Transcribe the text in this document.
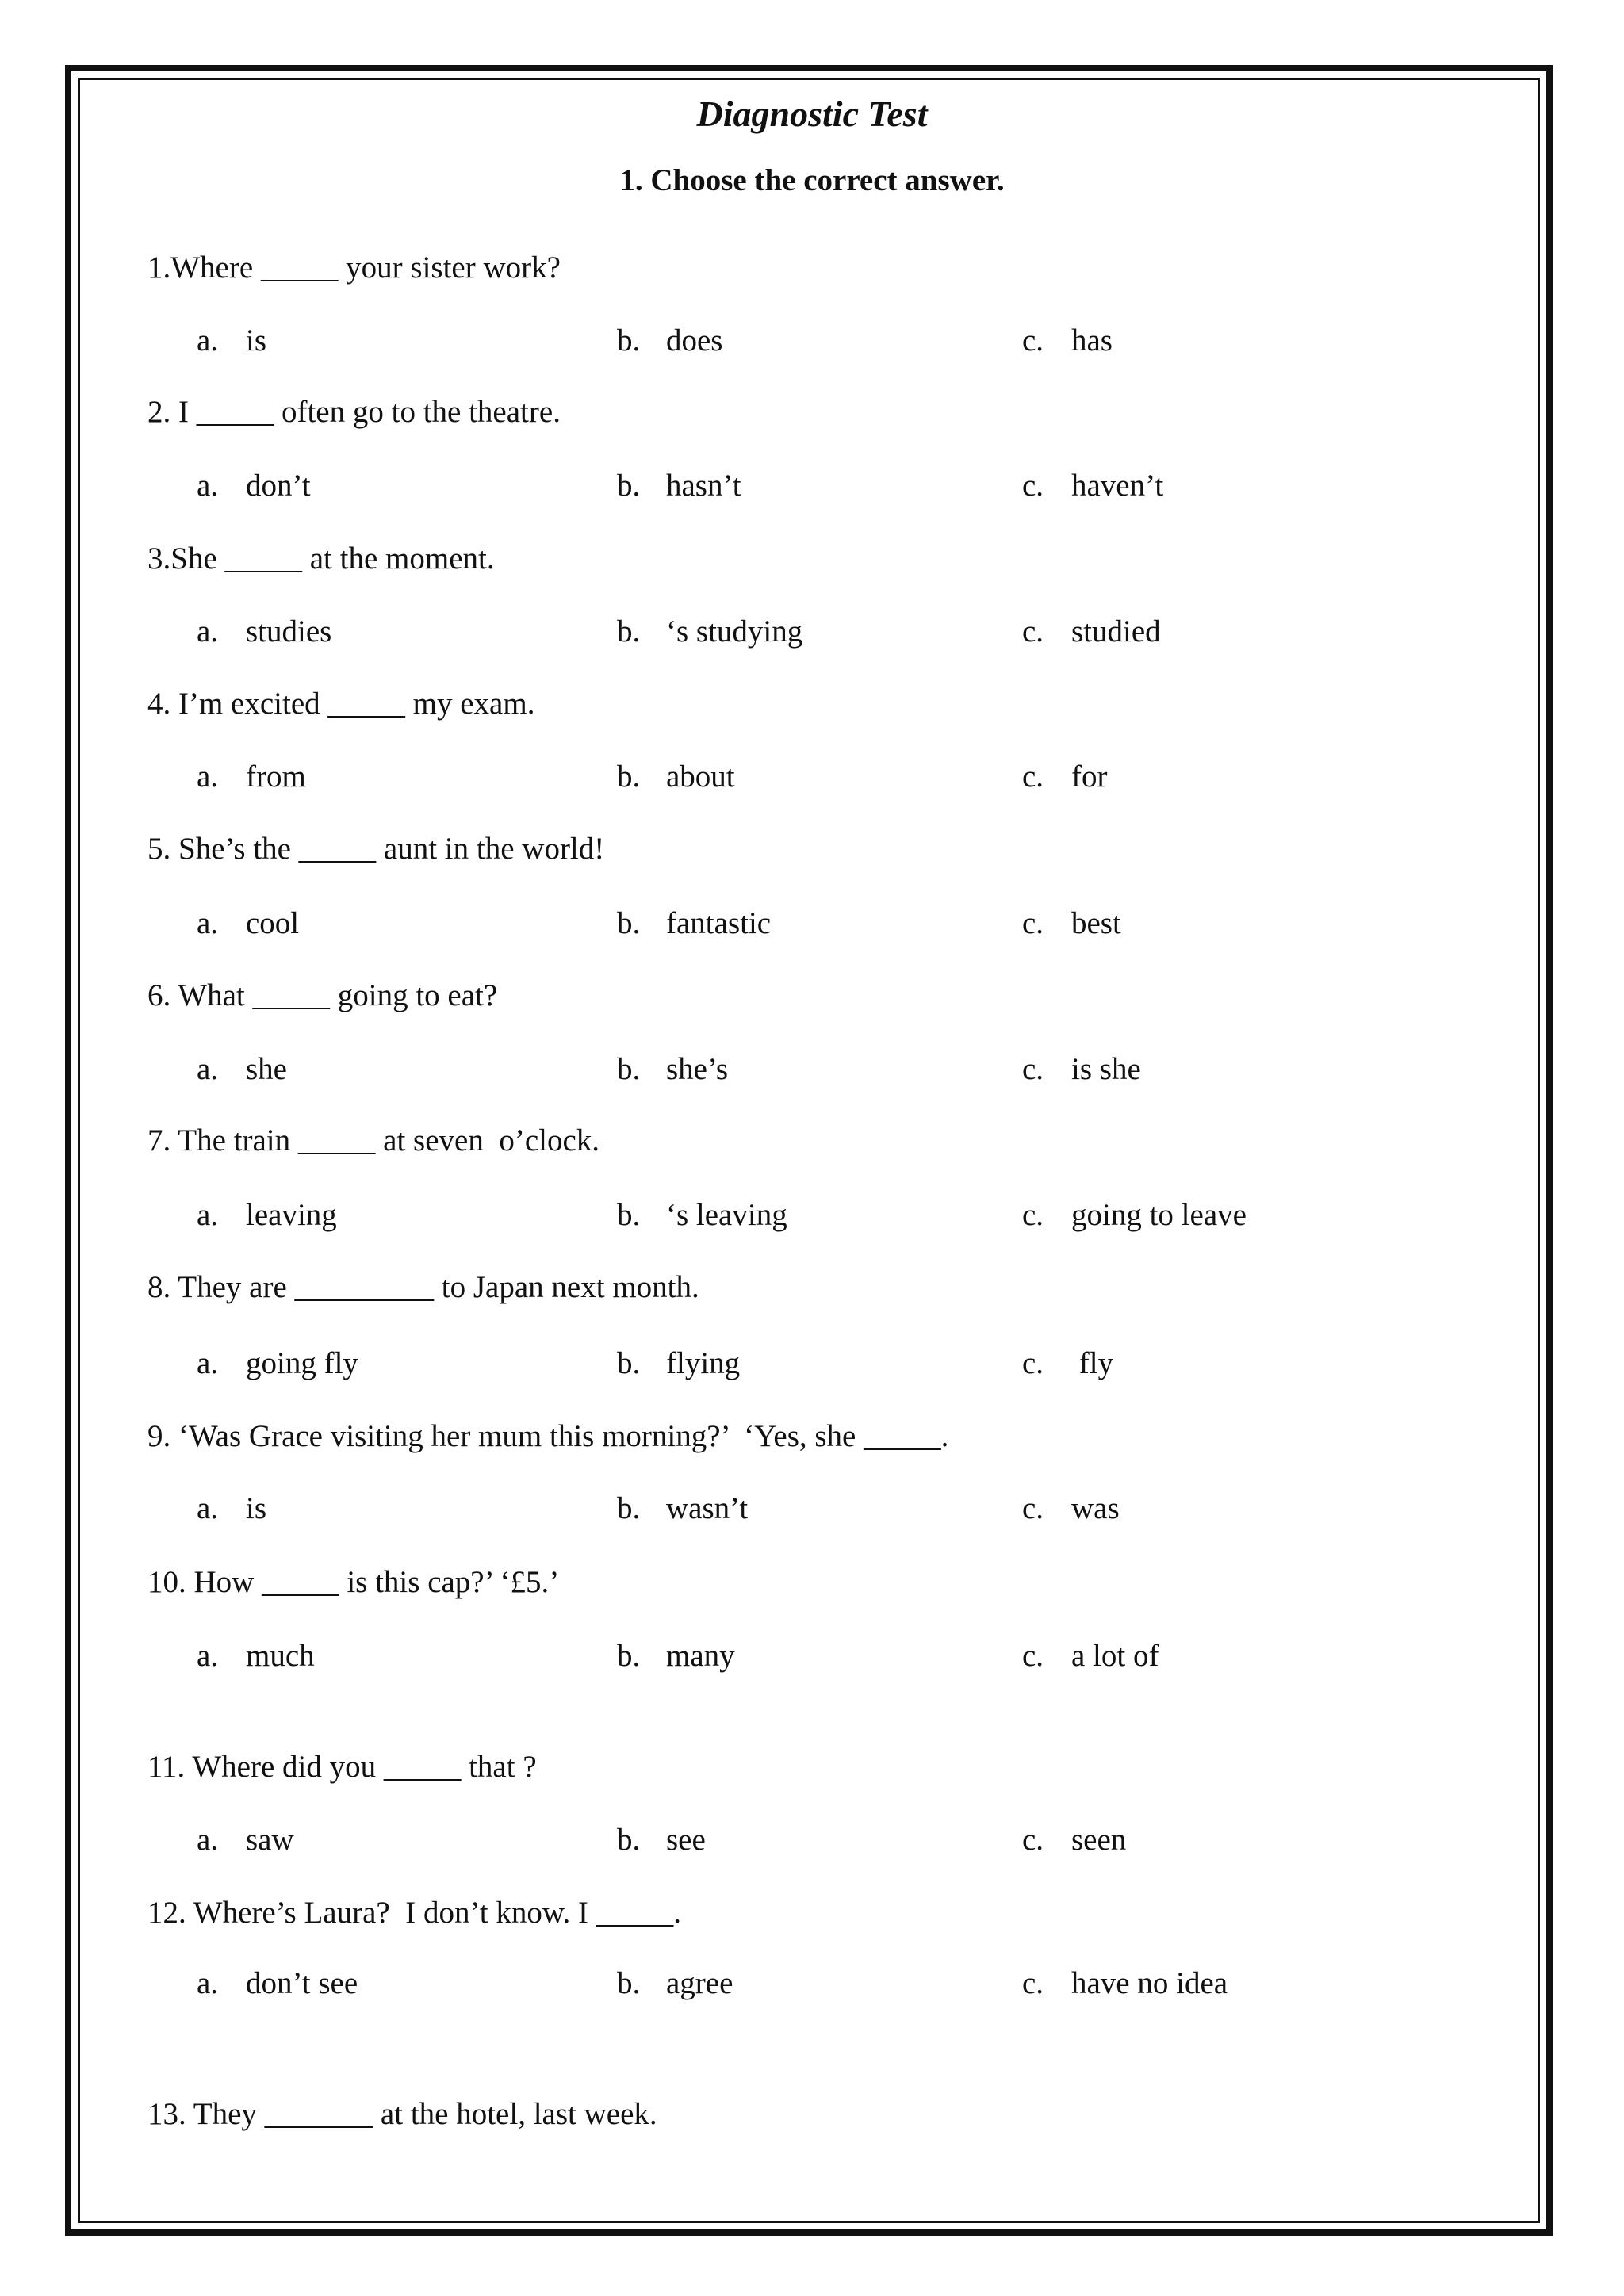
Diagnostic Test
1. Choose the correct answer.
1.Where _____ your sister work?
a. is	b. does	c. has
2. I _____ often go to the theatre.
a. don’t	b. hasn’t	c. haven’t
3.She _____ at the moment.
a. studies	b. ‘s studying	c. studied
4. I’m excited _____ my exam.
a. from	b. about	c. for
5. She’s the _____ aunt in the world!
a. cool	b. fantastic	c. best
6. What _____ going to eat?
a. she	b. she’s	c. is she
7. The train _____ at seven  o’clock.
a. leaving	b. ‘s leaving	c. going to leave
8. They are _________ to Japan next month.
a. going fly	b. flying	c. fly
9. ‘Was Grace visiting her mum this morning?’  ‘Yes, she _____.
a. is	b. wasn’t	c. was
10. How _____ is this cap?’ ‘£5.’
a. much	b. many	c. a lot of
11. Where did you _____ that ?
a. saw	b. see	c. seen
12. Where’s Laura?  I don’t know. I _____.
a. don’t see	b. agree	c. have no idea
13. They _______ at the hotel, last week.
